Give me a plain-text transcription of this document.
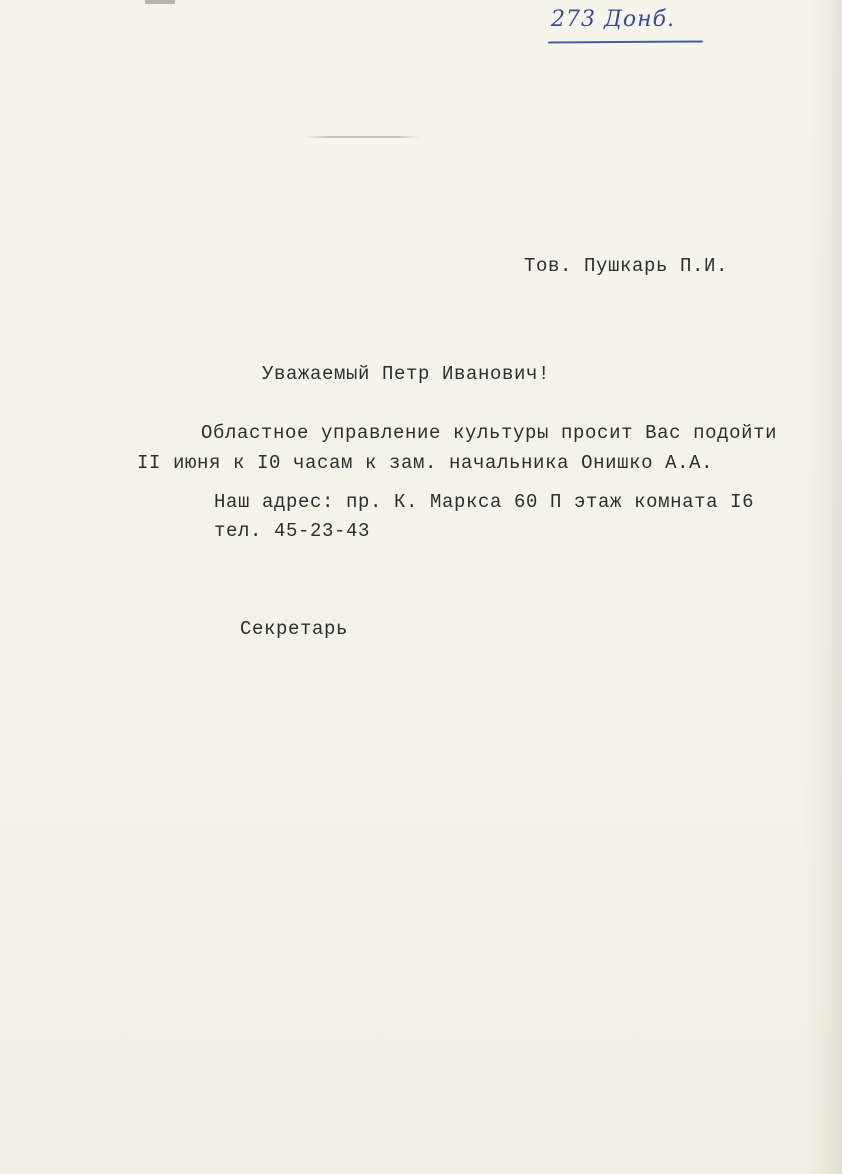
273 Донб.
Тов. Пушкарь П.И.
Уважаемый Петр Иванович!
Областное управление культуры просит Вас подойти
II июня к I0 часам к зам. начальника Онишко А.А.
Наш адрес: пр. К. Маркса 60 П этаж комната I6
тел. 45-23-43
Секретарь
